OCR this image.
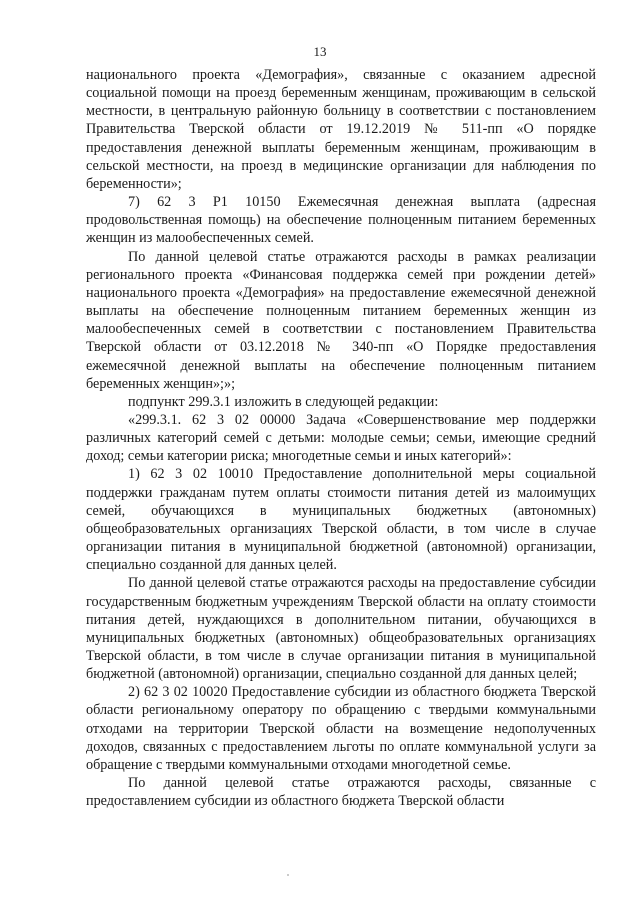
13

национального проекта «Демография», связанные с оказанием адресной социальной помощи на проезд беременным женщинам, проживающим в сельской местности, в центральную районную больницу в соответствии с постановлением Правительства Тверской области от 19.12.2019 № 511-пп «О порядке предоставления денежной выплаты беременным женщинам, проживающим в сельской местности, на проезд в медицинские организации для наблюдения по беременности»;

7) 62 3 P1 10150 Ежемесячная денежная выплата (адресная продовольственная помощь) на обеспечение полноценным питанием беременных женщин из малообеспеченных семей.

По данной целевой статье отражаются расходы в рамках реализации регионального проекта «Финансовая поддержка семей при рождении детей» национального проекта «Демография» на предоставление ежемесячной денежной выплаты на обеспечение полноценным питанием беременных женщин из малообеспеченных семей в соответствии с постановлением Правительства Тверской области от 03.12.2018 № 340-пп «О Порядке предоставления ежемесячной денежной выплаты на обеспечение полноценным питанием беременных женщин»;»;

подпункт 299.3.1 изложить в следующей редакции:

«299.3.1. 62 3 02 00000 Задача «Совершенствование мер поддержки различных категорий семей с детьми: молодые семьи; семьи, имеющие средний доход; семьи категории риска; многодетные семьи и иных категорий»:

1) 62 3 02 10010 Предоставление дополнительной меры социальной поддержки гражданам путем оплаты стоимости питания детей из малоимущих семей, обучающихся в муниципальных бюджетных (автономных) общеобразовательных организациях Тверской области, в том числе в случае организации питания в муниципальной бюджетной (автономной) организации, специально созданной для данных целей.

По данной целевой статье отражаются расходы на предоставление субсидии государственным бюджетным учреждениям Тверской области на оплату стоимости питания детей, нуждающихся в дополнительном питании, обучающихся в муниципальных бюджетных (автономных) общеобразовательных организациях Тверской области, в том числе в случае организации питания в муниципальной бюджетной (автономной) организации, специально созданной для данных целей;

2) 62 3 02 10020 Предоставление субсидии из областного бюджета Тверской области региональному оператору по обращению с твердыми коммунальными отходами на территории Тверской области на возмещение недополученных доходов, связанных с предоставлением льготы по оплате коммунальной услуги за обращение с твердыми коммунальными отходами многодетной семье.

По данной целевой статье отражаются расходы, связанные с предоставлением субсидии из областного бюджета Тверской области
